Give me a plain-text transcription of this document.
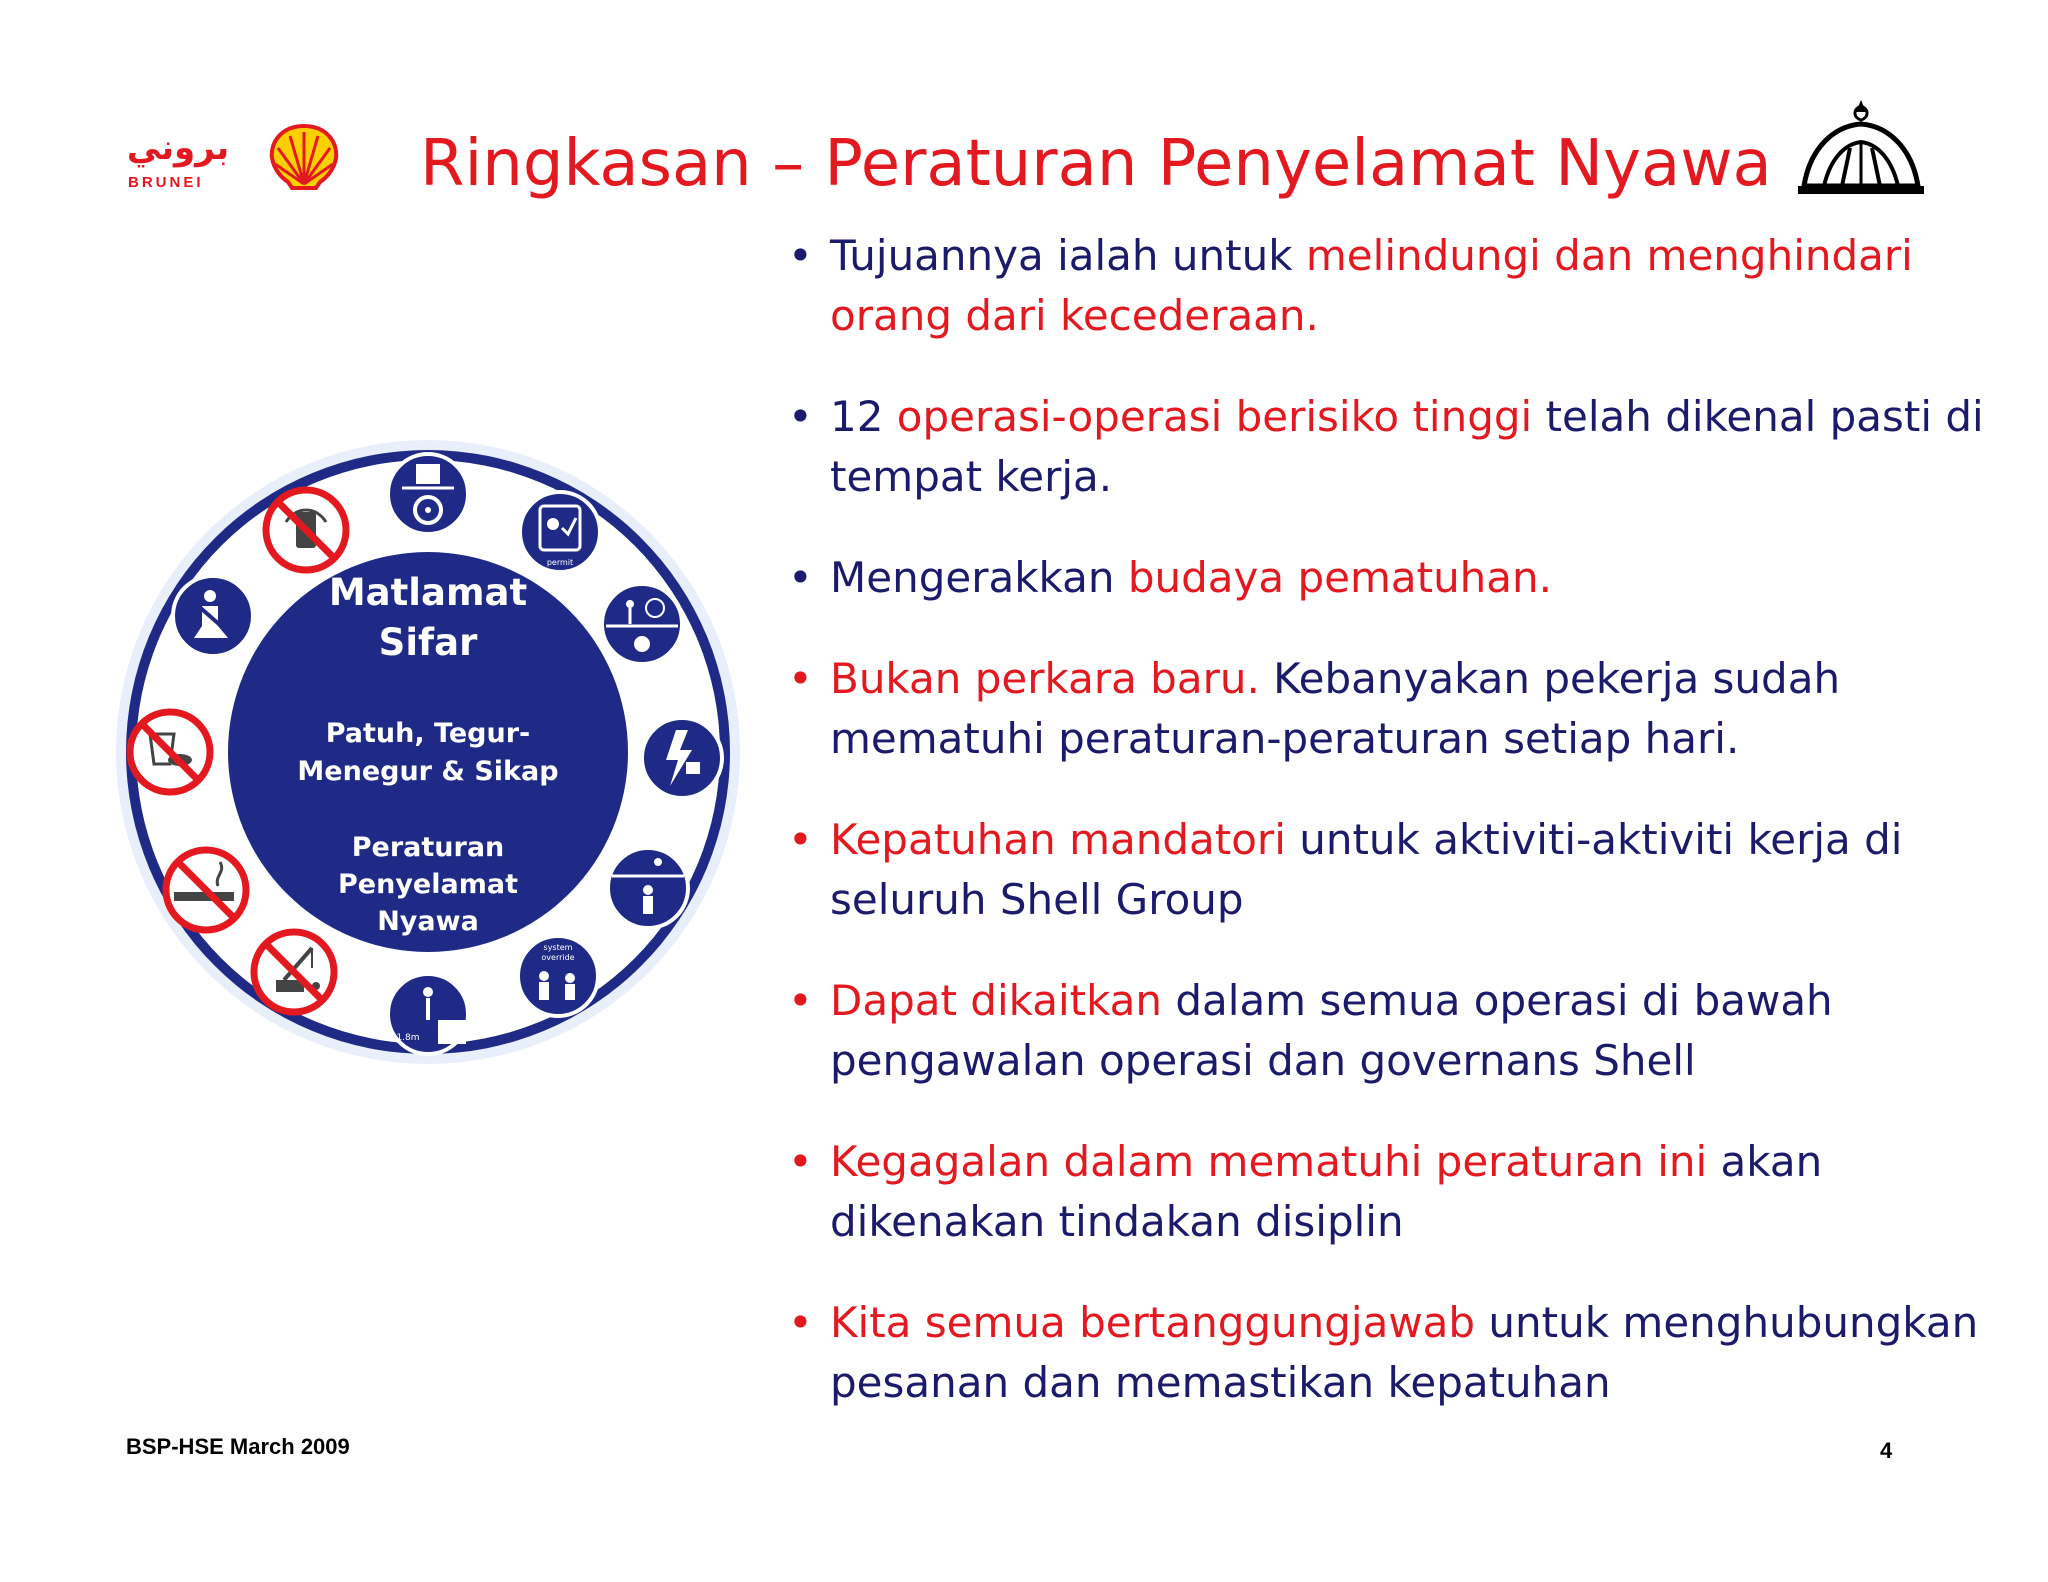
بروني
BRUNEI	Ringkasan – Peraturan Penyelamat Nyawa
Matlamat
Sifar
Patuh, Tegur-
Menegur & Sikap
Peraturan
Penyelamat
Nyawa
permit
system
override
1.8m
• Tujuannya ialah untuk melindungi dan menghindari orang dari kecederaan.
• 12 operasi-operasi berisiko tinggi telah dikenal pasti di tempat kerja.
• Mengerakkan budaya pematuhan.
• Bukan perkara baru. Kebanyakan pekerja sudah mematuhi peraturan-peraturan setiap hari.
• Kepatuhan mandatori untuk aktiviti-aktiviti kerja di seluruh Shell Group
• Dapat dikaitkan dalam semua operasi di bawah pengawalan operasi dan governans Shell
• Kegagalan dalam mematuhi peraturan ini akan dikenakan tindakan disiplin
• Kita semua bertanggungjawab untuk menghubungkan pesanan dan memastikan kepatuhan
BSP-HSE March 2009	4
